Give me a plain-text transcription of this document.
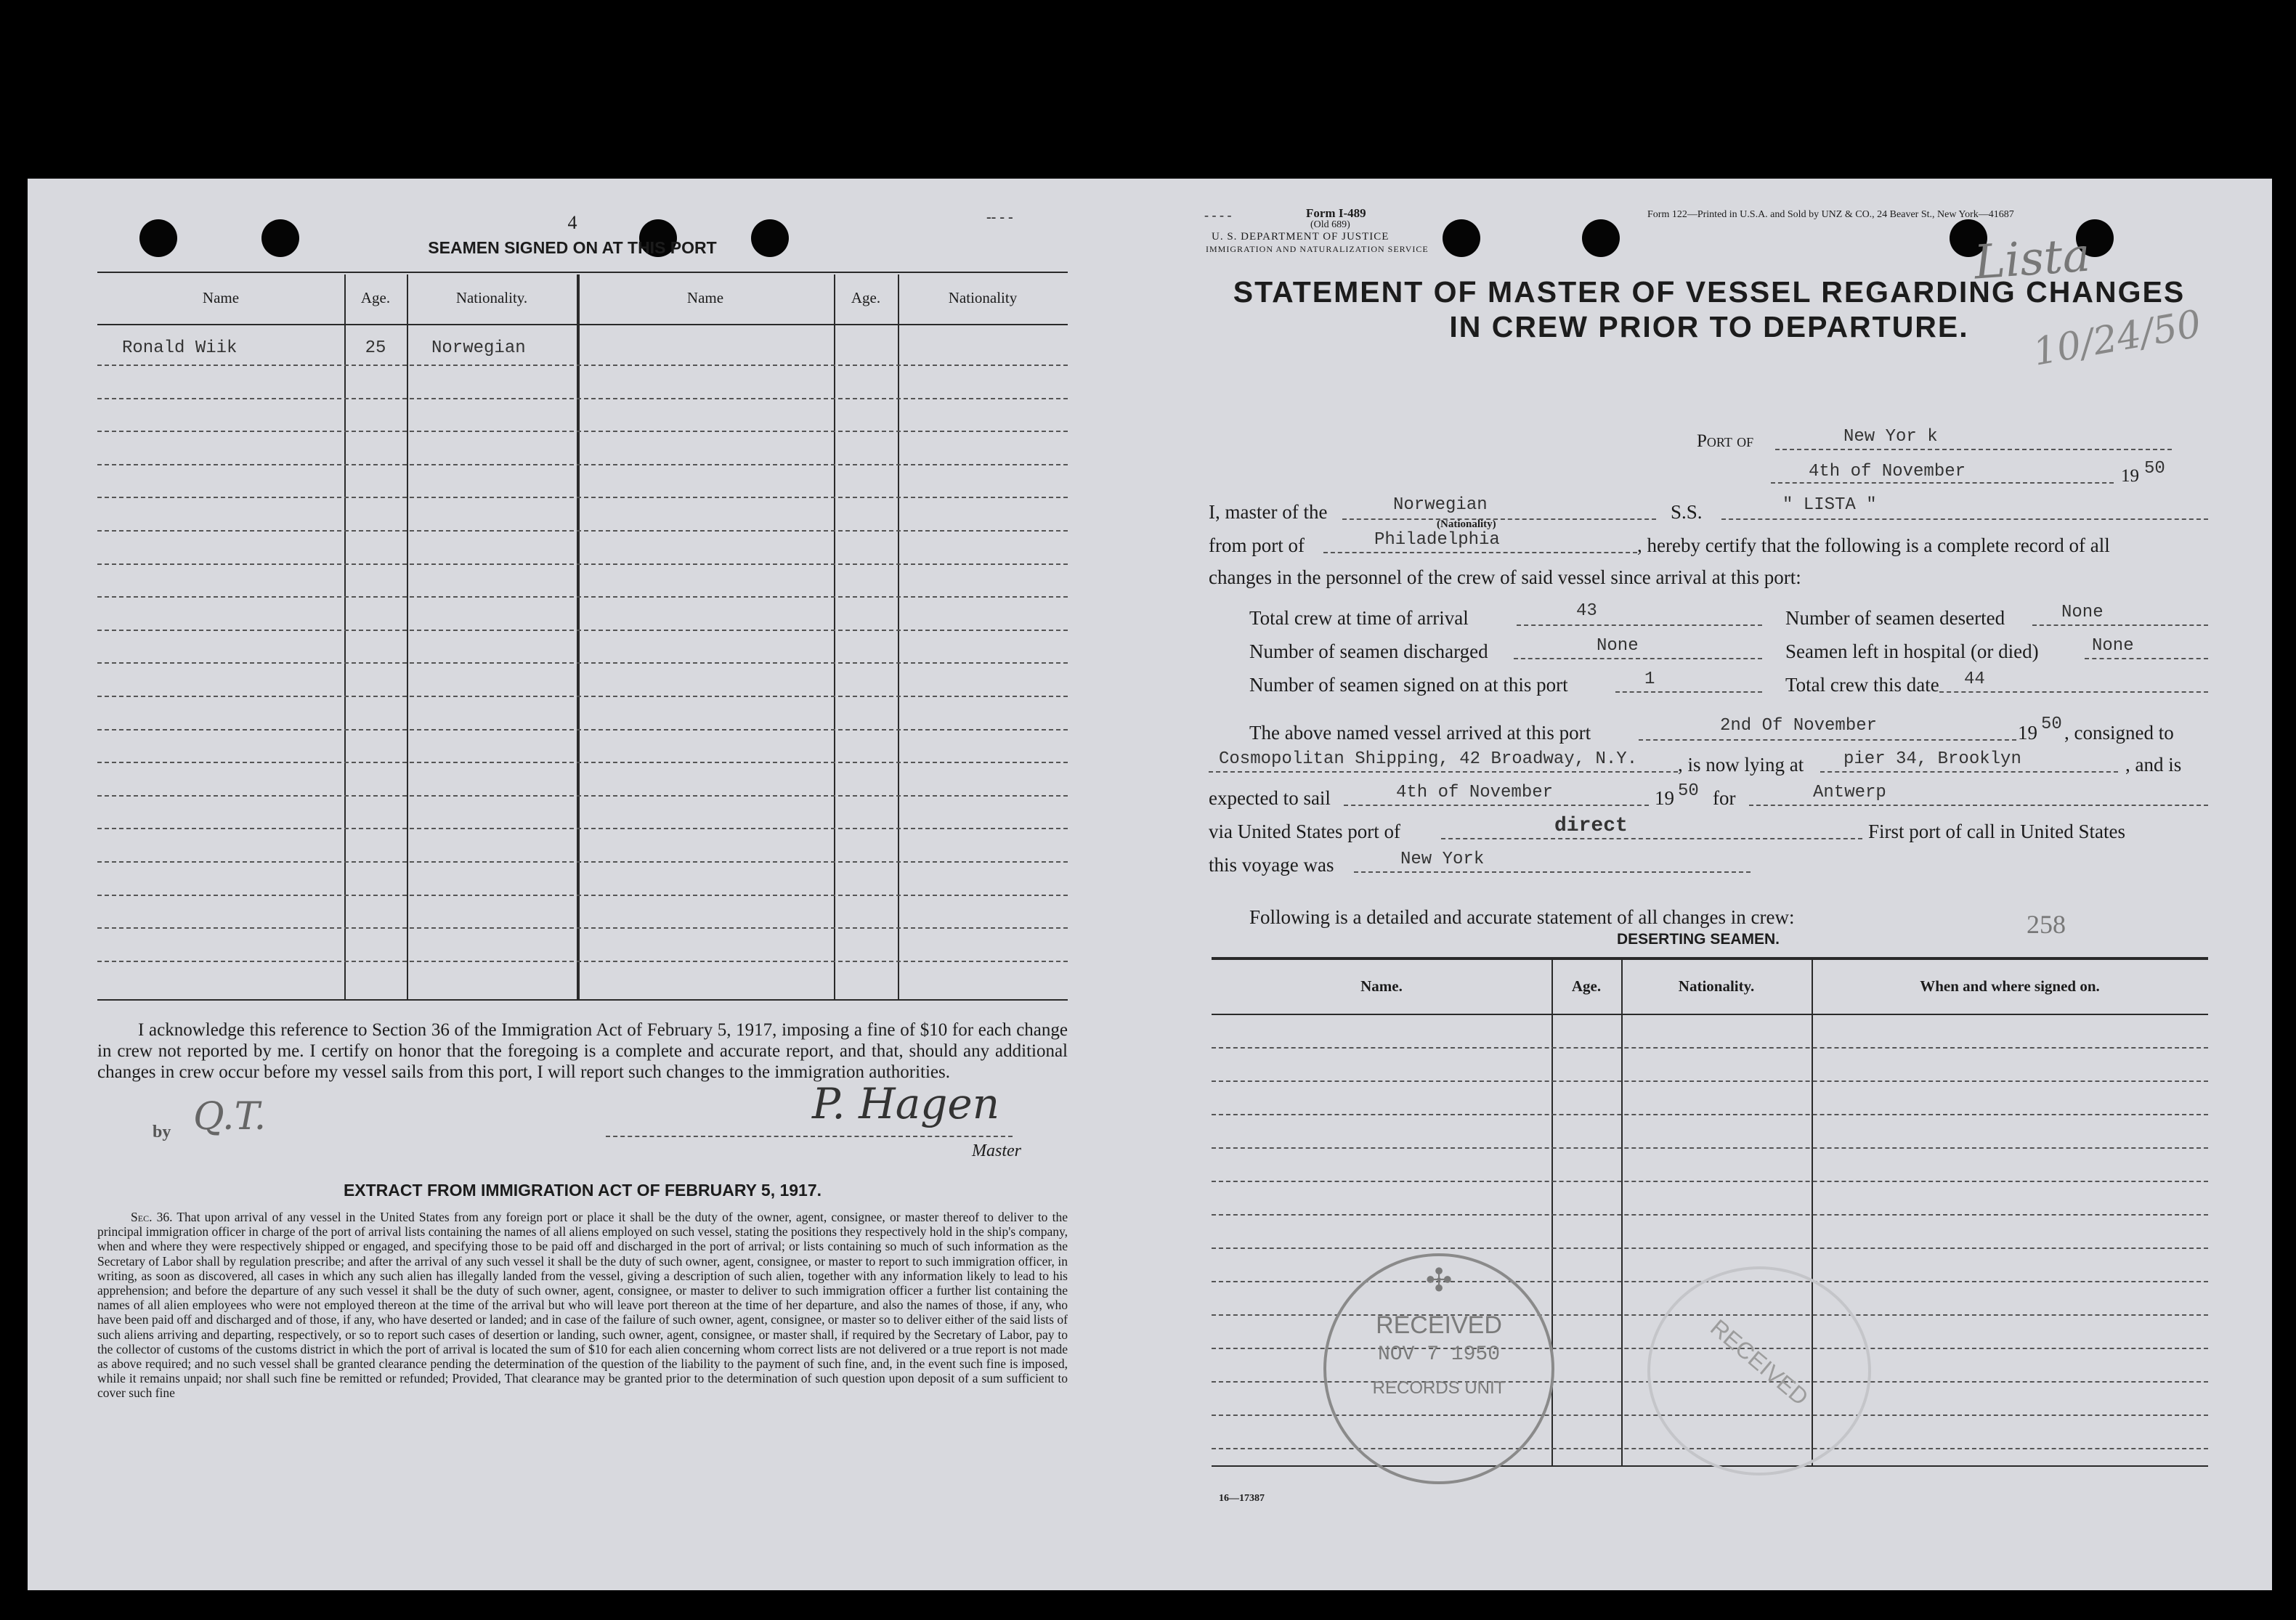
4
SEAMEN SIGNED ON AT THIS PORT
-- - -
Name	Age.	Nationality.	Name	Age.	Nationality
Ronald Wiik	25	Norwegian
I acknowledge this reference to Section 36 of the Immigration Act of February 5, 1917, imposing a fine of $10 for each change in crew not reported by me. I certify on honor that the foregoing is a complete and accurate report, and that, should any additional changes in crew occur before my vessel sails from this port, I will report such changes to the immigration authorities.
by Q.T.	P. Hagen
Master
EXTRACT FROM IMMIGRATION ACT OF FEBRUARY 5, 1917.
Sec. 36. That upon arrival of any vessel in the United States from any foreign port or place it shall be the duty of the owner, agent, consignee, or master thereof to deliver to the principal immigration officer in charge of the port of arrival lists containing the names of all aliens employed on such vessel, stating the positions they respectively hold in the ship's company, when and where they were respectively shipped or engaged, and specifying those to be paid off and discharged in the port of arrival; or lists containing so much of such information as the Secretary of Labor shall by regulation prescribe; and after the arrival of any such vessel it shall be the duty of such owner, agent, consignee, or master to report to such immigration officer, in writing, as soon as discovered, all cases in which any such alien has illegally landed from the vessel, giving a description of such alien, together with any information likely to lead to his apprehension; and before the departure of any such vessel it shall be the duty of such owner, agent, consignee, or master to deliver to such immigration officer a further list containing the names of all alien employees who were not employed thereon at the time of the arrival but who will leave port thereon at the time of her departure, and also the names of those, if any, who have been paid off and discharged and of those, if any, who have deserted or landed; and in case of the failure of such owner, agent, consignee, or master so to deliver either of the said lists of such aliens arriving and departing, respectively, or so to report such cases of desertion or landing, such owner, agent, consignee, or master shall, if required by the Secretary of Labor, pay to the collector of customs of the customs district in which the port of arrival is located the sum of $10 for each alien concerning whom correct lists are not delivered or a true report is not made as above required; and no such vessel shall be granted clearance pending the determination of the question of the liability to the payment of such fine, and, in the event such fine is imposed, while it remains unpaid; nor shall such fine be remitted or refunded; Provided, That clearance may be granted prior to the determination of such question upon deposit of a sum sufficient to cover such fine
- - - -	Form I-489
(Old 689)
U. S. DEPARTMENT OF JUSTICE
IMMIGRATION AND NATURALIZATION SERVICE
Form 122—Printed in U.S.A. and Sold by UNZ & CO., 24 Beaver St., New York—41687
Lista
10/24/50
STATEMENT OF MASTER OF VESSEL REGARDING CHANGES
IN CREW PRIOR TO DEPARTURE.
Port of	New Yor k
4th of November	19 50
I, master of the	Norwegian
(Nationality)
S.S.	" LISTA "
from port of	Philadelphia	, hereby certify that the following is a complete record of all
changes in the personnel of the crew of said vessel since arrival at this port:
Total crew at time of arrival	43
Number of seamen discharged	None
Number of seamen signed on at this port	1
Number of seamen deserted	None
Seamen left in hospital (or died)	None
Total crew this date 44
The above named vessel arrived at this port	2nd Of November	19 50 , consigned to
Cosmopolitan Shipping, 42 Broadway, N.Y. , is now lying at pier 34, Brooklyn	, and is
expected to sail	4th of November	19 50 for	Antwerp
via United States port of	direct	First port of call in United States
this voyage was	New York
Following is a detailed and accurate statement of all changes in crew:	258
DESERTING SEAMEN.
Name.	Age.	Nationality.	When and where signed on.
✣
RECEIVED
NOV 7 1950
RECORDS UNIT	RECEIVED
16—17387
